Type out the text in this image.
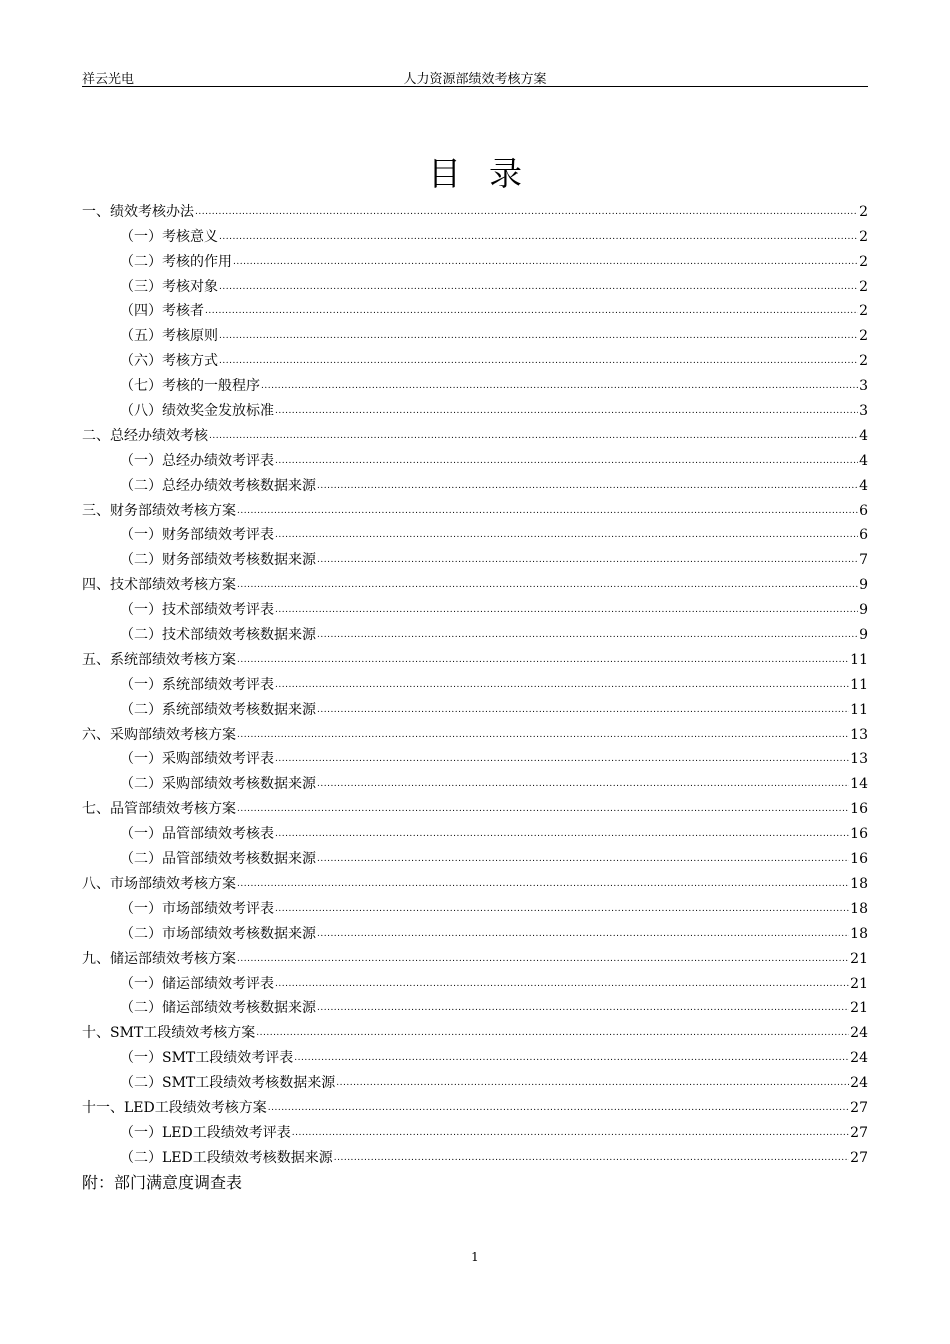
祥云光电	人力资源部绩效考核方案
目录
一、绩效考核办法 .....	2
（一）考核意义 .....	2
（二）考核的作用 .....	2
（三）考核对象 .....	2
（四）考核者 .....	2
（五）考核原则 .....	2
（六）考核方式 .....	2
（七）考核的一般程序 .....	3
（八）绩效奖金发放标准 .....	3
二、总经办绩效考核 .....	4
（一）总经办绩效考评表 .....	4
（二）总经办绩效考核数据来源 .....	4
三、财务部绩效考核方案 .....	6
（一）财务部绩效考评表 .....	6
（二）财务部绩效考核数据来源 .....	7
四、技术部绩效考核方案 .....	9
（一）技术部绩效考评表 .....	9
（二）技术部绩效考核数据来源 .....	9
五、系统部绩效考核方案 .....	11
（一）系统部绩效考评表 .....	11
（二）系统部绩效考核数据来源 .....	11
六、采购部绩效考核方案 .....	13
（一）采购部绩效考评表 .....	13
（二）采购部绩效考核数据来源 .....	14
七、品管部绩效考核方案 .....	16
（一）品管部绩效考核表 .....	16
（二）品管部绩效考核数据来源 .....	16
八、市场部绩效考核方案 .....	18
（一）市场部绩效考评表 .....	18
（二）市场部绩效考核数据来源 .....	18
九、储运部绩效考核方案 .....	21
（一）储运部绩效考评表 .....	21
（二）储运部绩效考核数据来源 .....	21
十、SMT工段绩效考核方案 .....	24
（一）SMT工段绩效考评表 .....	24
（二）SMT工段绩效考核数据来源 .....	24
十一、LED工段绩效考核方案 .....	27
（一）LED工段绩效考评表 .....	27
（二）LED工段绩效考核数据来源 .....	27
附：部门满意度调查表
1
